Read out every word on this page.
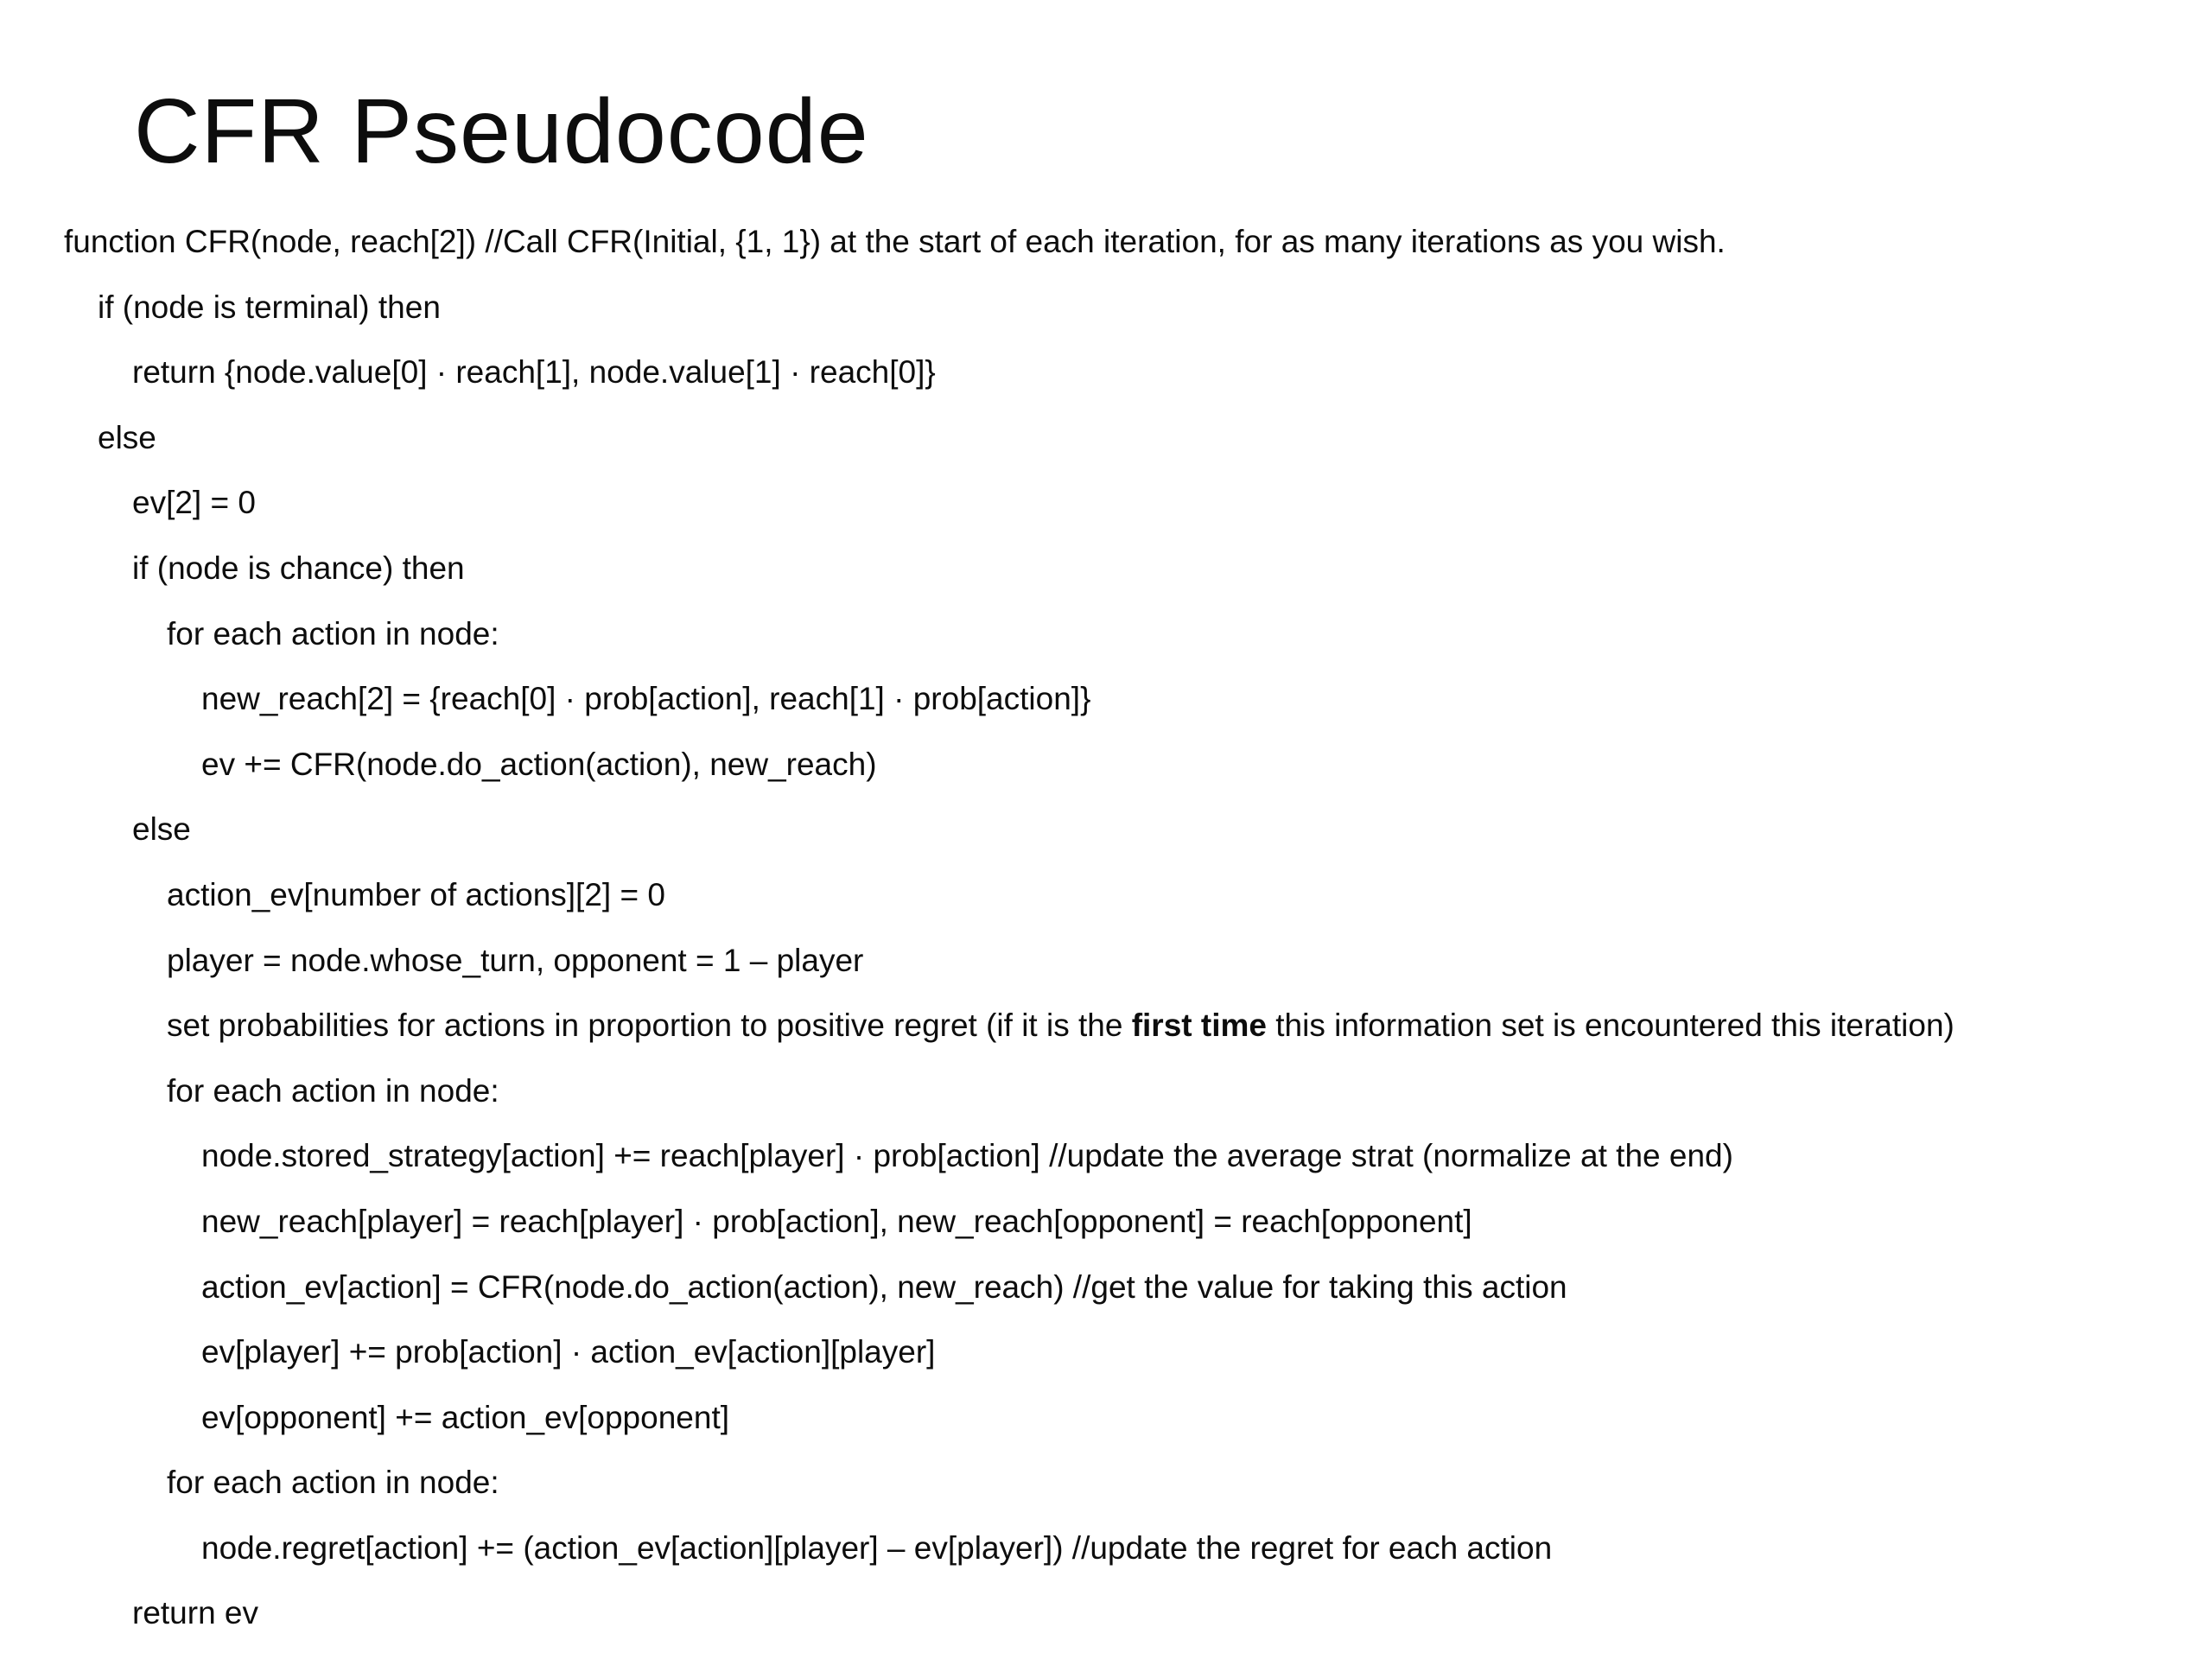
CFR Pseudocode
function CFR(node, reach[2]) //Call CFR(Initial, {1, 1}) at the start of each iteration, for as many iterations as you wish.
if (node is terminal) then
return {node.value[0] · reach[1], node.value[1] · reach[0]}
else
ev[2] = 0
if (node is chance) then
for each action in node:
new_reach[2] = {reach[0] · prob[action], reach[1] · prob[action]}
ev += CFR(node.do_action(action), new_reach)
else
action_ev[number of actions][2] = 0
player = node.whose_turn, opponent = 1 – player
set probabilities for actions in proportion to positive regret (if it is the first time this information set is encountered this iteration)
for each action in node:
node.stored_strategy[action] += reach[player] · prob[action] //update the average strat (normalize at the end)
new_reach[player] = reach[player] · prob[action], new_reach[opponent] = reach[opponent]
action_ev[action] = CFR(node.do_action(action), new_reach) //get the value for taking this action
ev[player] += prob[action] · action_ev[action][player]
ev[opponent] += action_ev[opponent]
for each action in node:
node.regret[action] += (action_ev[action][player] – ev[player]) //update the regret for each action
return ev
